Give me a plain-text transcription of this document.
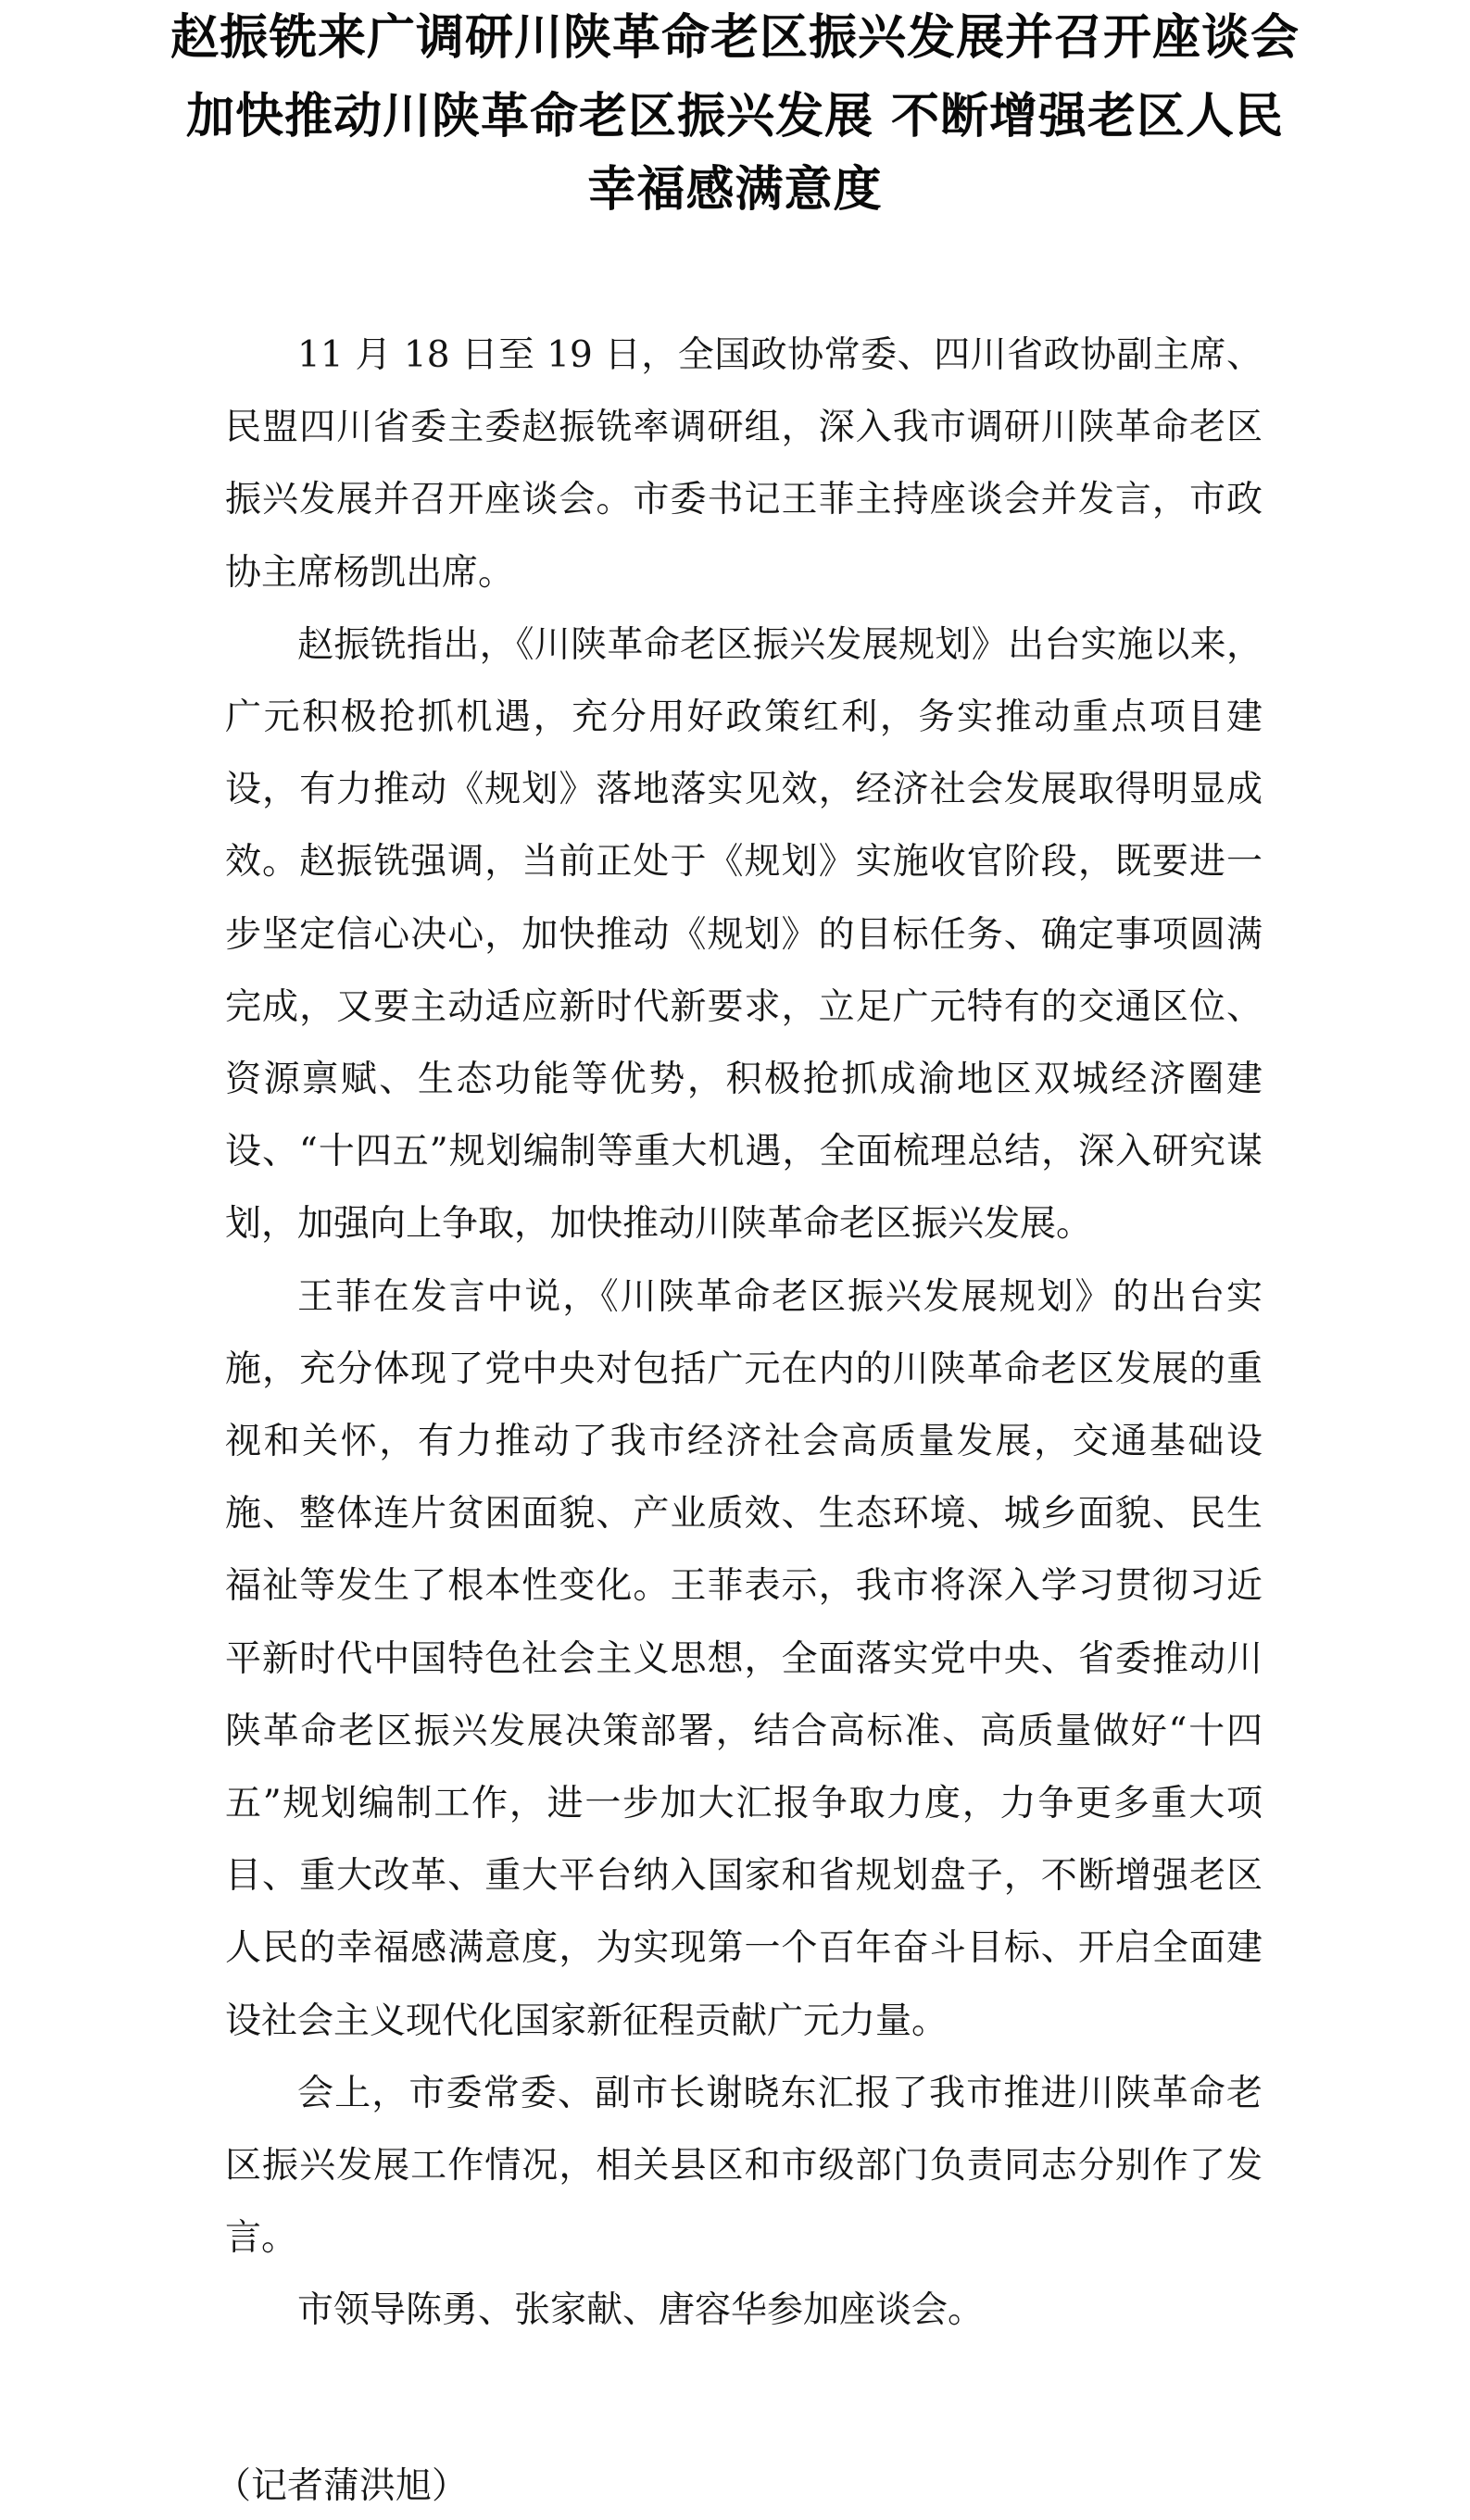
赵振铣来广调研川陕革命老区振兴发展并召开座谈会
加快推动川陕革命老区振兴发展 不断增强老区人民
幸福感满意度

11 月 18 日至 19 日，全国政协常委、四川省政协副主席、民盟四川省委主委赵振铣率调研组，深入我市调研川陕革命老区振兴发展并召开座谈会。市委书记王菲主持座谈会并发言，市政协主席杨凯出席。

赵振铣指出，《川陕革命老区振兴发展规划》出台实施以来，广元积极抢抓机遇，充分用好政策红利，务实推动重点项目建设，有力推动《规划》落地落实见效，经济社会发展取得明显成效。赵振铣强调，当前正处于《规划》实施收官阶段，既要进一步坚定信心决心，加快推动《规划》的目标任务、确定事项圆满完成，又要主动适应新时代新要求，立足广元特有的交通区位、资源禀赋、生态功能等优势，积极抢抓成渝地区双城经济圈建设、“十四五”规划编制等重大机遇，全面梳理总结，深入研究谋划，加强向上争取，加快推动川陕革命老区振兴发展。

王菲在发言中说，《川陕革命老区振兴发展规划》的出台实施，充分体现了党中央对包括广元在内的川陕革命老区发展的重视和关怀，有力推动了我市经济社会高质量发展，交通基础设施、整体连片贫困面貌、产业质效、生态环境、城乡面貌、民生福祉等发生了根本性变化。王菲表示，我市将深入学习贯彻习近平新时代中国特色社会主义思想，全面落实党中央、省委推动川陕革命老区振兴发展决策部署，结合高标准、高质量做好“十四五”规划编制工作，进一步加大汇报争取力度，力争更多重大项目、重大改革、重大平台纳入国家和省规划盘子，不断增强老区人民的幸福感满意度，为实现第一个百年奋斗目标、开启全面建设社会主义现代化国家新征程贡献广元力量。

会上，市委常委、副市长谢晓东汇报了我市推进川陕革命老区振兴发展工作情况，相关县区和市级部门负责同志分别作了发言。

市领导陈勇、张家献、唐容华参加座谈会。

（记者蒲洪旭）
